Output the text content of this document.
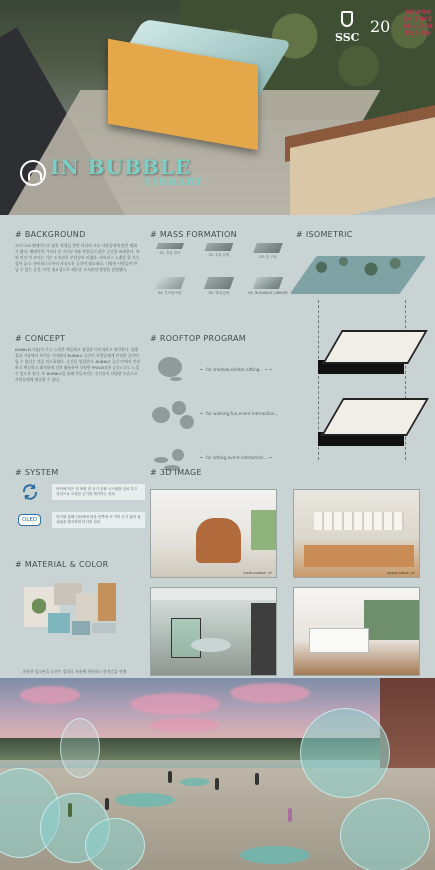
SSC
20
SUWON SCIENCE COLLEGE DESIGN
IN BUBBLE
LIBRARY
# BACKGROUND
코로나19 팬데믹으로 많은 학생들 뿐만 아니라 모든 사람들에게 많은 변화가 왔다. 팬데믹이 가져다 준 거리두기와 사람들이 많은 공간을 꺼려한다. 특히 미진 이 모이는 가는 도서관은 부담감이 커졌다. 바이러스 노출을 할 가능성이 높다. 바이러스로부터 자유로운 공간이 필요하다. 다양한 사람들이 만날 수 있는 공간, 이런 필요성으로 새로운 도서관의 방향을 설정했다.
# MASS FORMATION
01. 건물 대지	02. 블록 분할	03. 층 구성
04. 루프탑 버블	05. 형태 분할	06. IN BUBBLE LIBRARY
# ISOMETRIC
# CONCEPT
BUBBLE(거품)이 주는 느낌은 깨끗하고 청결한 이미지라고 생각한다. 물방울과 거품에서 보이듯 가벼워서 BUBBLE 공간이 사람들에게 안전한 공간이 될 수 있다는 것을 의도하였다. 공간을 형성한다. BUBBLE 공간 안에서 안전하고 깨끗하고 쾌적하게 건축 활용하여 다양한 PRIVATE한 공간으로도 느낄 수 있도록 한다. 또 BUBBLE을 통해 만들어지는 공간들이 다양한 모습으로 사람들에게 제공될 수 있다.
# ROOFTOP PROGRAM
for shadow,shelter,sitting...
for walking,fun,event interaction...
for sitting,event interaction...
# SYSTEM
바닥에 작은 점 바를 한 공기 순환 시스템을 설치 하고 강선으로 오염된 공기를 제거하는 장치
OLED	단기를 통해 인터랙에 버블 안쪽에 조 커미 투기 얇어 형성됨을 방지하며 미디어 설치
# 3D IMAGE
STAIR LOUNGE / 1F	GRAND SPACE / 2F
# MATERIAL & COLOR
- 차분한 밀크톤을 포인트 컬러로 사용해 편안하고 안정감을 연출
